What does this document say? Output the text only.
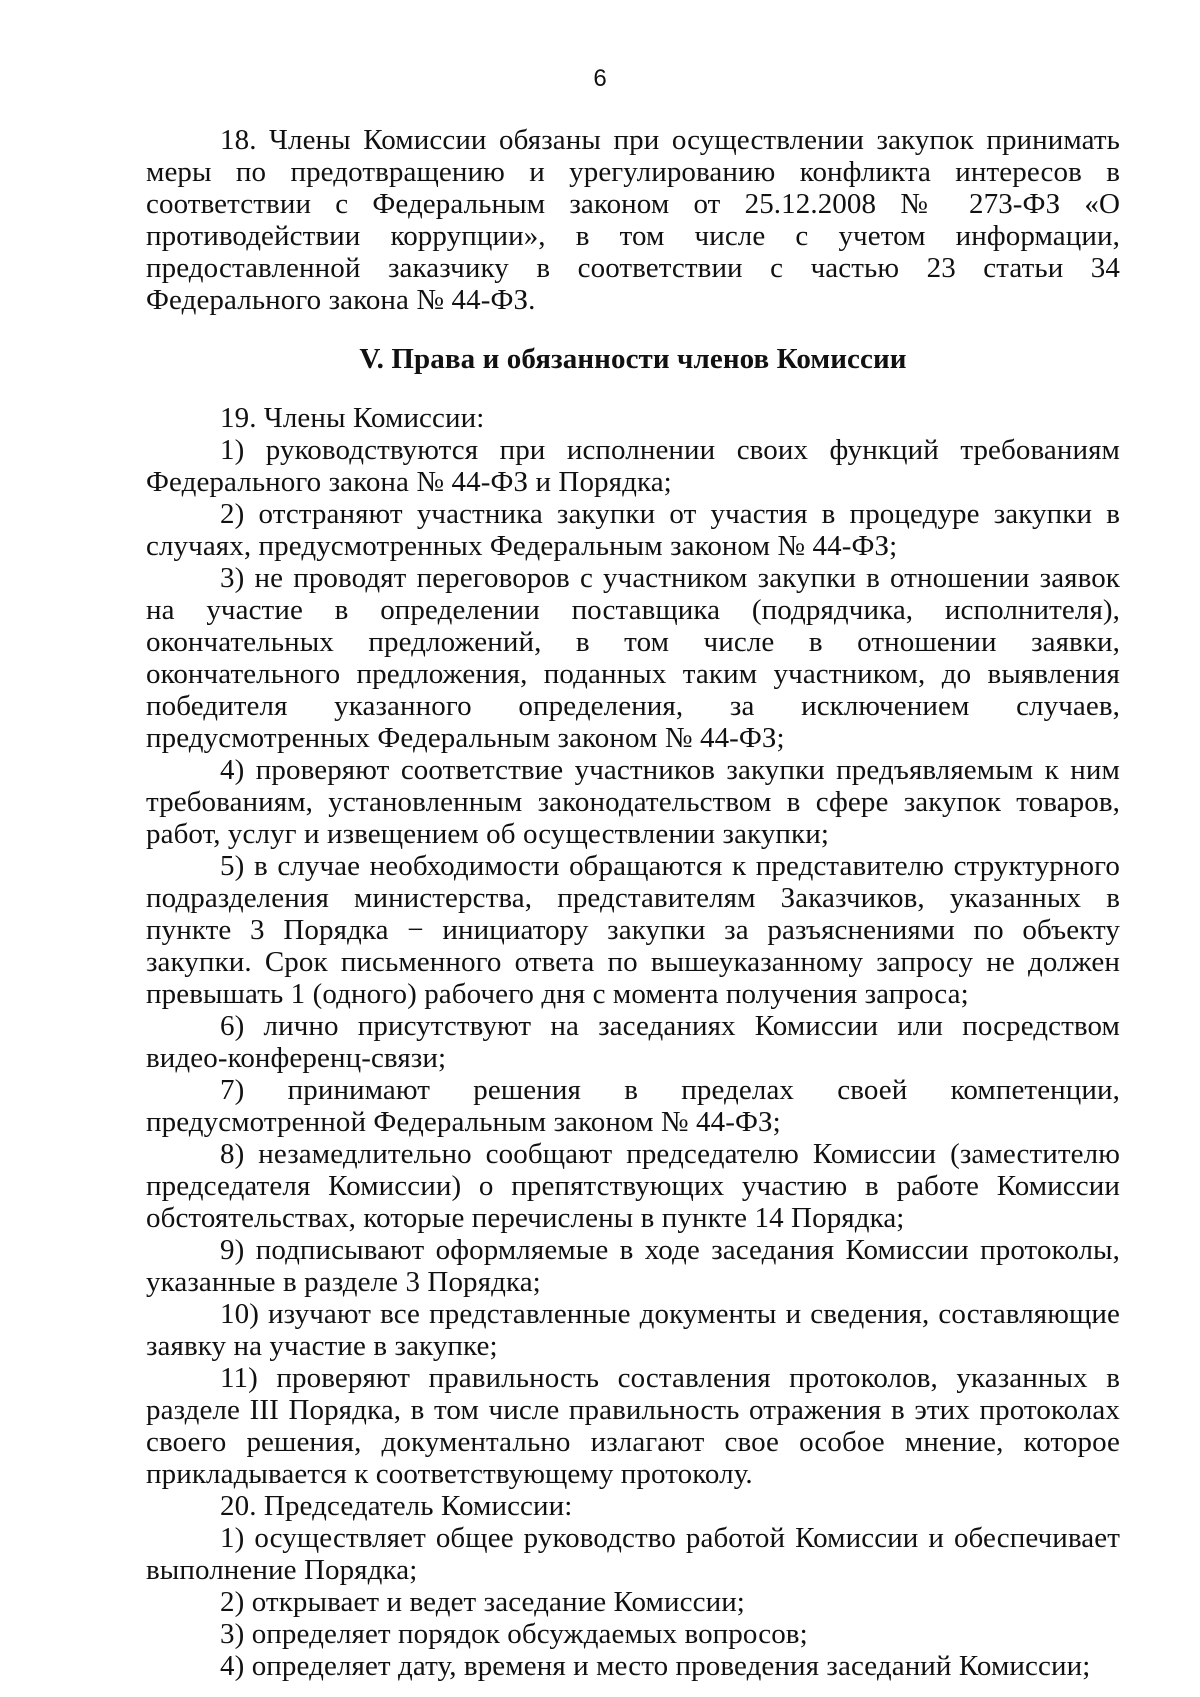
6

18. Члены Комиссии обязаны при осуществлении закупок принимать меры по предотвращению и урегулированию конфликта интересов в соответствии с Федеральным законом от 25.12.2008 № 273-ФЗ «О противодействии коррупции», в том числе с учетом информации, предоставленной заказчику в соответствии с частью 23 статьи 34 Федерального закона № 44-ФЗ.

V. Права и обязанности членов Комиссии

19. Члены Комиссии:

1) руководствуются при исполнении своих функций требованиям Федерального закона № 44-ФЗ и Порядка;

2) отстраняют участника закупки от участия в процедуре закупки в случаях, предусмотренных Федеральным законом № 44-ФЗ;

3) не проводят переговоров с участником закупки в отношении заявок на участие в определении поставщика (подрядчика, исполнителя), окончательных предложений, в том числе в отношении заявки, окончательного предложения, поданных таким участником, до выявления победителя указанного определения, за исключением случаев, предусмотренных Федеральным законом № 44-ФЗ;

4) проверяют соответствие участников закупки предъявляемым к ним требованиям, установленным законодательством в сфере закупок товаров, работ, услуг и извещением об осуществлении закупки;

5) в случае необходимости обращаются к представителю структурного подразделения министерства, представителям Заказчиков, указанных в пункте 3 Порядка − инициатору закупки за разъяснениями по объекту закупки. Срок письменного ответа по вышеуказанному запросу не должен превышать 1 (одного) рабочего дня с момента получения запроса;

6) лично присутствуют на заседаниях Комиссии или посредством видео-конференц-связи;

7) принимают решения в пределах своей компетенции, предусмотренной Федеральным законом № 44-ФЗ;

8) незамедлительно сообщают председателю Комиссии (заместителю председателя Комиссии) о препятствующих участию в работе Комиссии обстоятельствах, которые перечислены в пункте 14 Порядка;

9) подписывают оформляемые в ходе заседания Комиссии протоколы, указанные в разделе 3 Порядка;

10) изучают все представленные документы и сведения, составляющие заявку на участие в закупке;

11) проверяют правильность составления протоколов, указанных в разделе III Порядка, в том числе правильность отражения в этих протоколах своего решения, документально излагают свое особое мнение, которое прикладывается к соответствующему протоколу.

20. Председатель Комиссии:

1) осуществляет общее руководство работой Комиссии и обеспечивает выполнение Порядка;

2) открывает и ведет заседание Комиссии;

3) определяет порядок обсуждаемых вопросов;

4) определяет дату, временя и место проведения заседаний Комиссии;
